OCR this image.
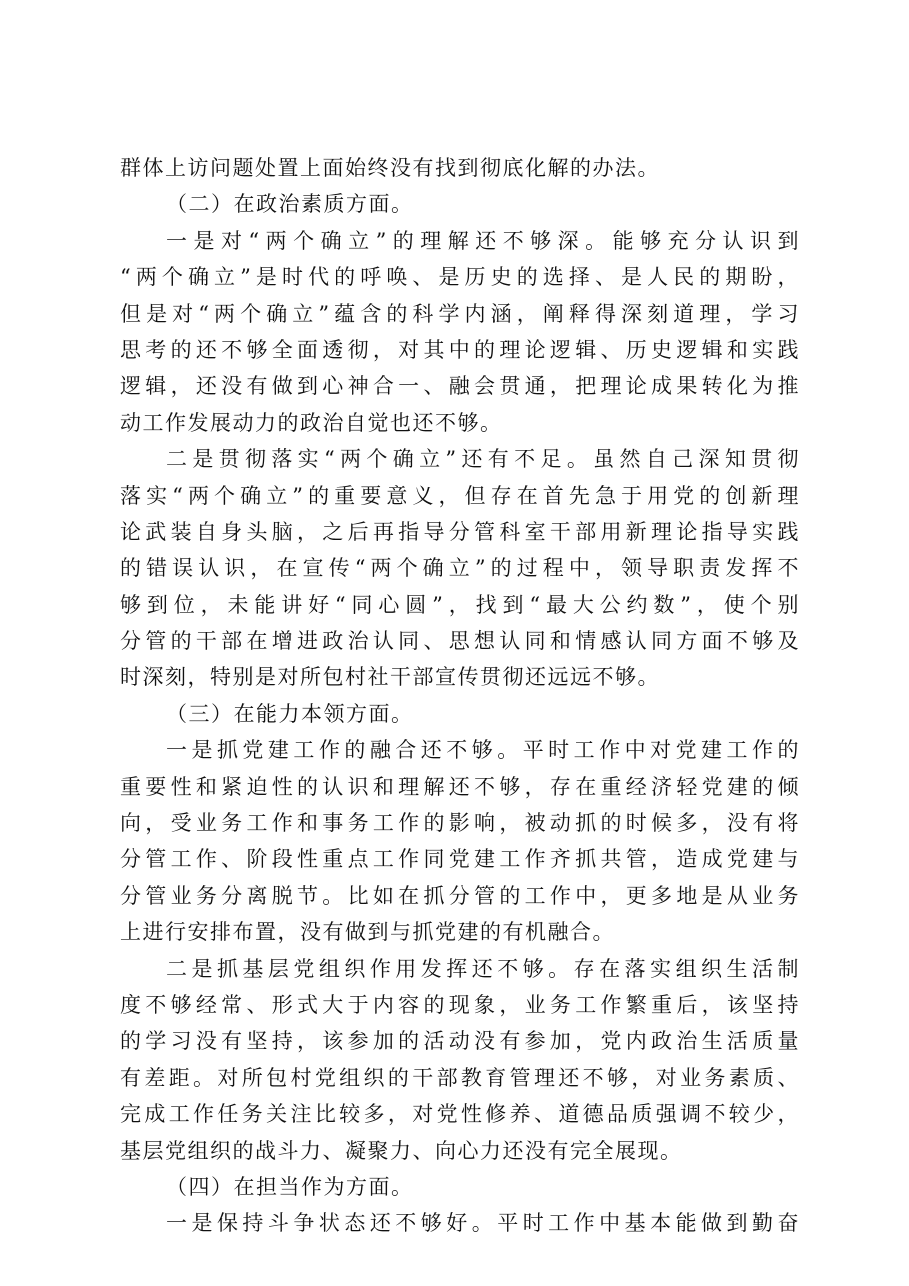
群体上访问题处置上面始终没有找到彻底化解的办法。
（二）在政治素质方面。
一是对“两个确立”的理解还不够深。能够充分认识到
“两个确立”是时代的呼唤、是历史的选择、是人民的期盼，
但是对“两个确立”蕴含的科学内涵，阐释得深刻道理，学习
思考的还不够全面透彻，对其中的理论逻辑、历史逻辑和实践
逻辑，还没有做到心神合一、融会贯通，把理论成果转化为推
动工作发展动力的政治自觉也还不够。
二是贯彻落实“两个确立”还有不足。虽然自己深知贯彻
落实“两个确立”的重要意义，但存在首先急于用党的创新理
论武装自身头脑，之后再指导分管科室干部用新理论指导实践
的错误认识，在宣传“两个确立”的过程中，领导职责发挥不
够到位，未能讲好“同心圆”，找到“最大公约数”，使个别
分管的干部在增进政治认同、思想认同和情感认同方面不够及
时深刻，特别是对所包村社干部宣传贯彻还远远不够。
（三）在能力本领方面。
一是抓党建工作的融合还不够。平时工作中对党建工作的
重要性和紧迫性的认识和理解还不够，存在重经济轻党建的倾
向，受业务工作和事务工作的影响，被动抓的时候多，没有将
分管工作、阶段性重点工作同党建工作齐抓共管，造成党建与
分管业务分离脱节。比如在抓分管的工作中，更多地是从业务
上进行安排布置，没有做到与抓党建的有机融合。
二是抓基层党组织作用发挥还不够。存在落实组织生活制
度不够经常、形式大于内容的现象，业务工作繁重后，该坚持
的学习没有坚持，该参加的活动没有参加，党内政治生活质量
有差距。对所包村党组织的干部教育管理还不够，对业务素质、
完成工作任务关注比较多，对党性修养、道德品质强调不较少，
基层党组织的战斗力、凝聚力、向心力还没有完全展现。
（四）在担当作为方面。
一是保持斗争状态还不够好。平时工作中基本能做到勤奋
